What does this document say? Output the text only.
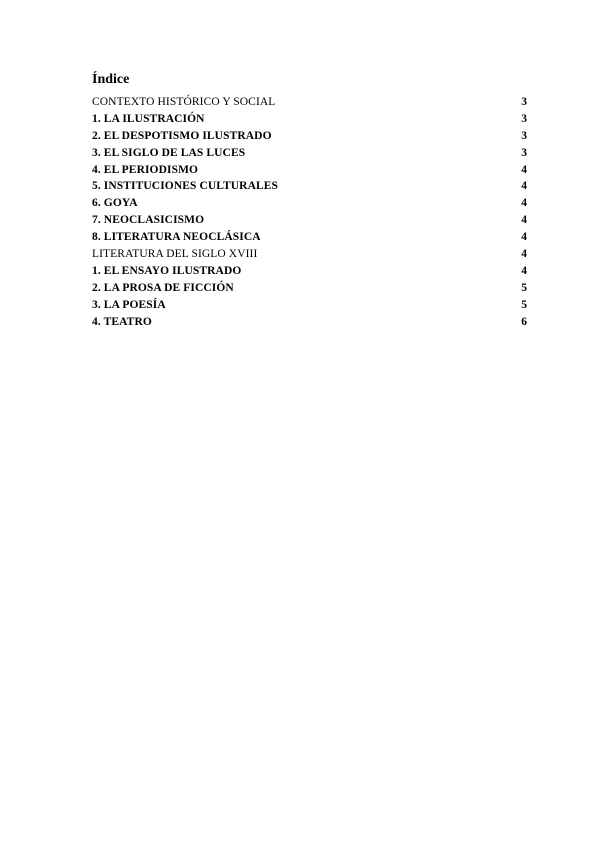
Índice
CONTEXTO HISTÓRICO Y SOCIAL	3
1. LA ILUSTRACIÓN	3
2. EL DESPOTISMO ILUSTRADO	3
3. EL SIGLO DE LAS LUCES	3
4. EL PERIODISMO	4
5. INSTITUCIONES CULTURALES	4
6. GOYA	4
7. NEOCLASICISMO	4
8. LITERATURA NEOCLÁSICA	4
LITERATURA DEL SIGLO XVIII	4
1. EL ENSAYO ILUSTRADO	4
2. LA PROSA DE FICCIÓN	5
3. LA POESÍA	5
4. TEATRO	6
